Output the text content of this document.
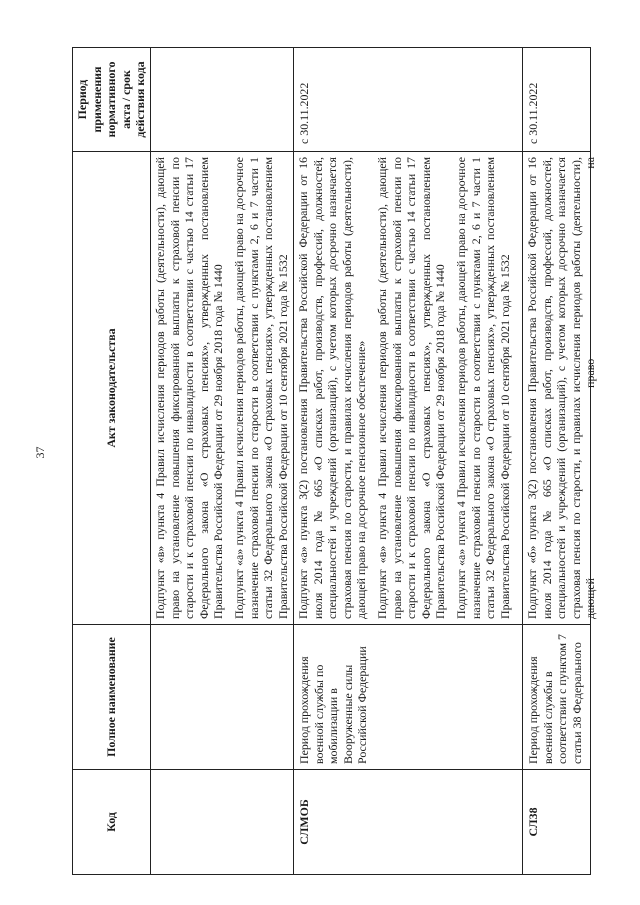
37
Код
Полное наименование
Акт законодательства
Период применения нормативного акта / срок действия кода

Подпункт «в» пункта 4 Правил исчисления периодов работы (деятельности), дающей право на установление повышения фиксированной выплаты к страховой пенсии по старости и к страховой пенсии по инвалидности в соответствии с частью 14 статьи 17 Федерального закона «О страховых пенсиях», утвержденных постановлением Правительства Российской Федерации от 29 ноября 2018 года № 1440 Подпункт «а» пункта 4 Правил исчисления периодов работы, дающей право на досрочное назначение страховой пенсии по старости в соответствии с пунктами 2, 6 и 7 части 1 статьи 32 Федерального закона «О страховых пенсиях», утвержденных постановлением Правительства Российской Федерации от 10 сентября 2021 года № 1532

СЛМОБ
Период прохождения военной службы по мобилизации в Вооруженные силы Российской Федерации

Подпункт «а» пункта 3(2) постановления Правительства Российской Федерации от 16 июля 2014 года № 665 «О списках работ, производств, профессий, должностей, специальностей и учреждений (организаций), с учетом которых досрочно назначается страховая пенсия по старости, и правилах исчисления периодов работы (деятельности), дающей право на досрочное пенсионное обеспечение» Подпункт «в» пункта 4 Правил исчисления периодов работы (деятельности), дающей право на установление повышения фиксированной выплаты к страховой пенсии по старости и к страховой пенсии по инвалидности в соответствии с частью 14 статьи 17 Федерального закона «О страховых пенсиях», утвержденных постановлением Правительства Российской Федерации от 29 ноября 2018 года № 1440 Подпункт «а» пункта 4 Правил исчисления периодов работы, дающей право на досрочное назначение страховой пенсии по старости в соответствии с пунктами 2, 6 и 7 части 1 статьи 32 Федерального закона «О страховых пенсиях», утвержденных постановлением Правительства Российской Федерации от 10 сентября 2021 года № 1532

с 30.11.2022
СЛ38
Период прохождения военной службы в соответствии с пунктом 7 статьи 38 Федерального

Подпункт «б» пункта 3(2) постановления Правительства Российской Федерации от 16 июля 2014 года № 665 «О списках работ, производств, профессий, должностей, специальностей и учреждений (организаций), с учетом которых досрочно назначается страховая пенсия по старости, и правилах исчисления периодов работы (деятельности), дающей право на

с 30.11.2022
